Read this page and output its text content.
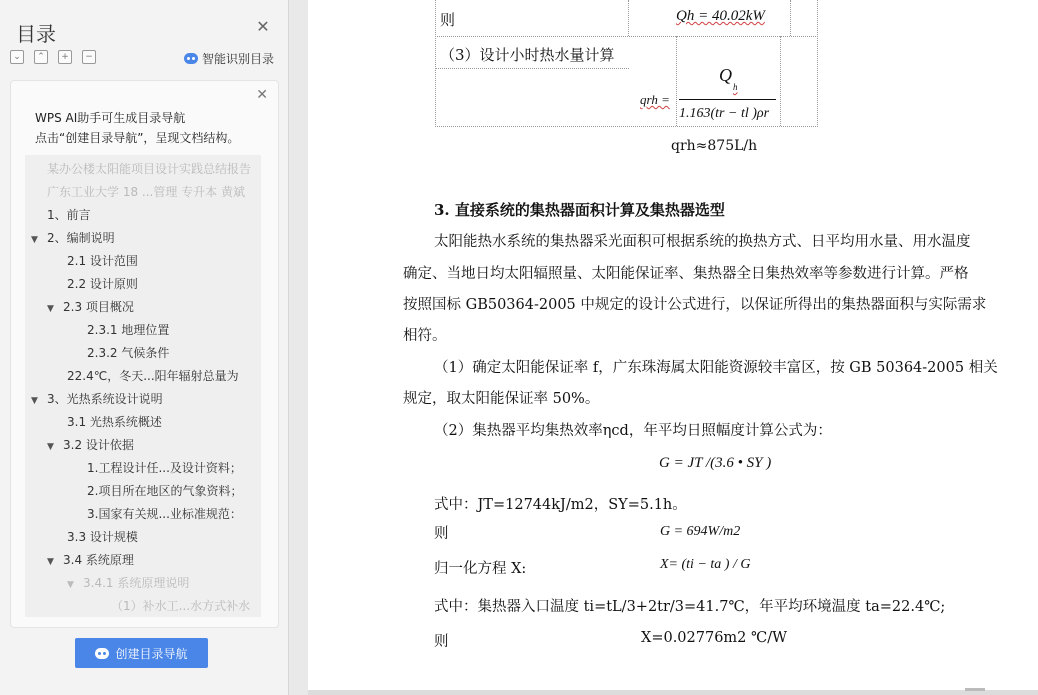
目录	✕
⌄	⌃	+	−	智能识别目录
✕
WPS AI助手可生成目录导航
点击“创建目录导航”，呈现文档结构。
某办公楼太阳能项目设计实践总结报告
广东工业大学 18 ...管理 专升本 黄斌
1、前言
▼ 2、编制说明
2.1 设计范围
2.2 设计原则
▼ 2.3 项目概况
2.3.1 地理位置
2.3.2 气候条件
22.4℃，冬天...阳年辐射总量为
▼ 3、光热系统设计说明
3.1 光热系统概述
▼ 3.2 设计依据
1.工程设计任...及设计资料；
2.项目所在地区的气象资料；
3.国家有关规...业标准规范：
3.3 设计规模
▼ 3.4 系统原理
▼ 3.4.1 系统原理说明
（1）补水工...水方式补水
创建目录导航
则	Qh = 40.02kW
（3）设计小时热水量计算
Q
h
qrh =
1.163(tr − tl )ρr
qrh≈875L/h
3. 直接系统的集热器面积计算及集热器选型
太阳能热水系统的集热器采光面积可根据系统的换热方式、日平均用水量、用水温度
确定、当地日均太阳辐照量、太阳能保证率、集热器全日集热效率等参数进行计算。严格
按照国标 GB50364-2005 中规定的设计公式进行，以保证所得出的集热器面积与实际需求
相符。
（1）确定太阳能保证率 f，广东珠海属太阳能资源较丰富区，按 GB 50364-2005 相关
规定，取太阳能保证率 50%。
（2）集热器平均集热效率ηcd，年平均日照幅度计算公式为：
G = JT /(3.6 • SY )
式中：JT=12744kJ/m2，SY=5.1h。
则	G = 694W/m2
归一化方程 X:	X= (ti − ta ) / G
式中：集热器入口温度 ti=tL/3+2tr/3=41.7℃，年平均环境温度 ta=22.4℃;
则	X=0.02776m2 ℃/W
